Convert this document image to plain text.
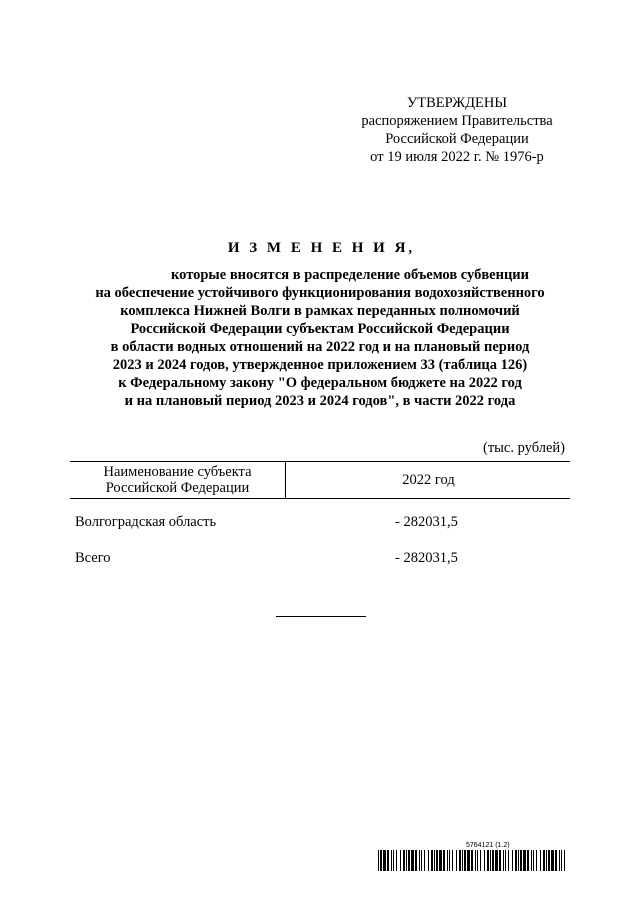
УТВЕРЖДЕНЫ
распоряжением Правительства
Российской Федерации
от 19 июля 2022 г. № 1976-р
И З М Е Н Е Н И Я,
которые вносятся в распределение объемов субвенции
на обеспечение устойчивого функционирования водохозяйственного
комплекса Нижней Волги в рамках переданных полномочий
Российской Федерации субъектам Российской Федерации
в области водных отношений на 2022 год и на плановый период
2023 и 2024 годов, утвержденное приложением 33 (таблица 126)
к Федеральному закону "О федеральном бюджете на 2022 год
и на плановый период 2023 и 2024 годов", в части 2022 года
(тыс. рублей)
Наименование субъекта
Российской Федерации	2022 год
Волгоградская область	- 282031,5
Всего	- 282031,5
5764121 (1.2)
